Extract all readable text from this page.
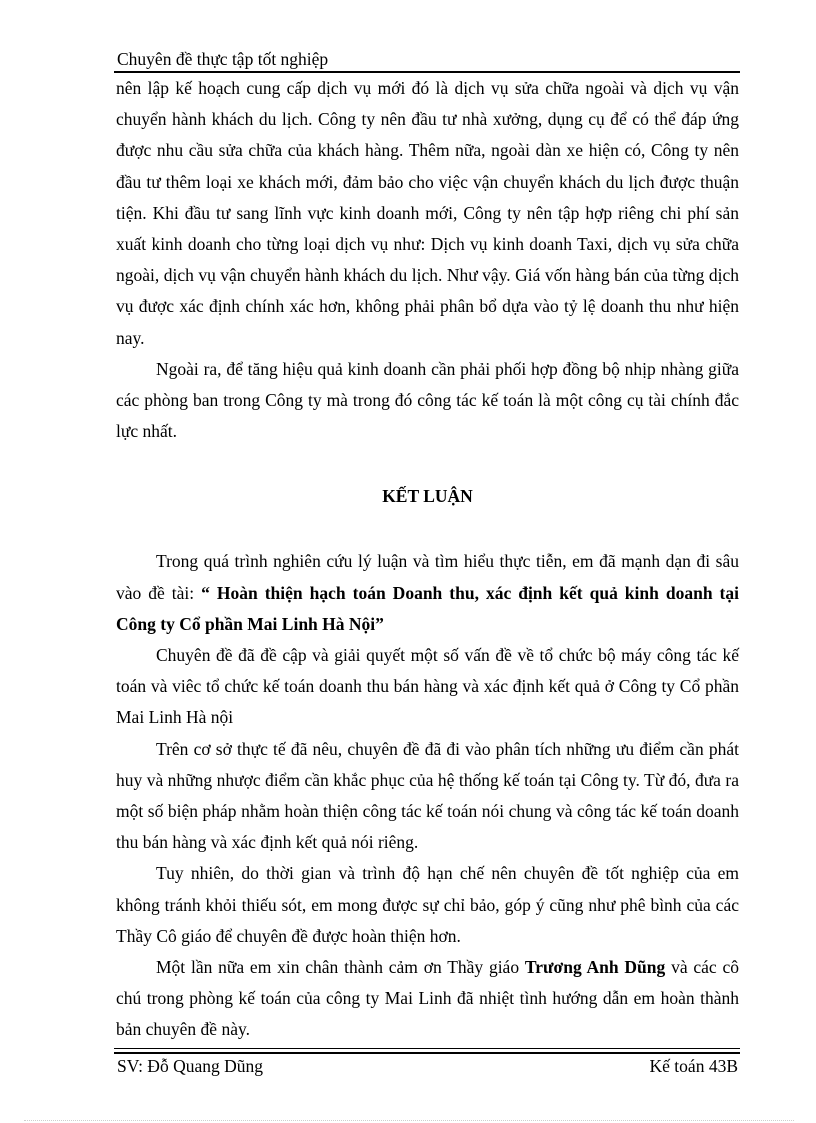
Chuyên đề thực tập tốt nghiệp

nên lập kế hoạch cung cấp dịch vụ mới đó là dịch vụ sửa chữa ngoài và dịch vụ vận chuyển hành khách du lịch. Công ty nên đầu tư nhà xưởng, dụng cụ để có thể đáp ứng được nhu cầu sửa chữa của khách hàng. Thêm nữa, ngoài dàn xe hiện có, Công ty nên đầu tư thêm loại xe khách mới, đảm bảo cho việc vận chuyển khách du lịch được thuận tiện. Khi đầu tư sang lĩnh vực kinh doanh mới, Công ty nên tập hợp riêng chi phí sản xuất kinh doanh cho từng loại dịch vụ như: Dịch vụ kinh doanh Taxi, dịch vụ sửa chữa ngoài, dịch vụ vận chuyển hành khách du lịch. Như vậy. Giá vốn hàng bán của từng dịch vụ được xác định chính xác hơn, không phải phân bổ dựa vào tỷ lệ doanh thu như hiện nay.

Ngoài ra, để tăng hiệu quả kinh doanh cần phải phối hợp đồng bộ nhịp nhàng giữa các phòng ban trong Công ty mà trong đó công tác kế toán là một công cụ tài chính đắc lực nhất.

KẾT LUẬN

Trong quá trình nghiên cứu lý luận và tìm hiểu thực tiễn, em đã mạnh dạn đi sâu vào đề tài: “ Hoàn thiện hạch toán Doanh thu, xác định kết quả kinh doanh tại Công ty Cổ phần Mai Linh Hà Nội”

Chuyên đề đã đề cập và giải quyết một số vấn đề về tổ chức bộ máy công tác kế toán và viêc tổ chức kế toán doanh thu bán hàng và xác định kết quả ở Công ty Cổ phần Mai Linh Hà nội

Trên cơ sở thực tế đã nêu, chuyên đề đã đi vào phân tích những ưu điểm cần phát huy và những nhược điểm cần khắc phục của hệ thống kế toán tại Công ty. Từ đó, đưa ra một số biện pháp nhằm hoàn thiện công tác kế toán nói chung và công tác kế toán doanh thu bán hàng và xác định kết quả nói riêng.

Tuy nhiên, do thời gian và trình độ hạn chế nên chuyên đề tốt nghiệp của em không tránh khỏi thiếu sót, em mong được sự chỉ bảo, góp ý cũng như phê bình của các Thầy Cô giáo để chuyên đề được hoàn thiện hơn.

Một lần nữa em xin chân thành cảm ơn Thầy giáo Trương Anh Dũng và các cô chú trong phòng kế toán của công ty Mai Linh đã nhiệt tình hướng dẫn em hoàn thành bản chuyên đề này.

SV: Đỗ Quang Dũng	Kế toán 43B
